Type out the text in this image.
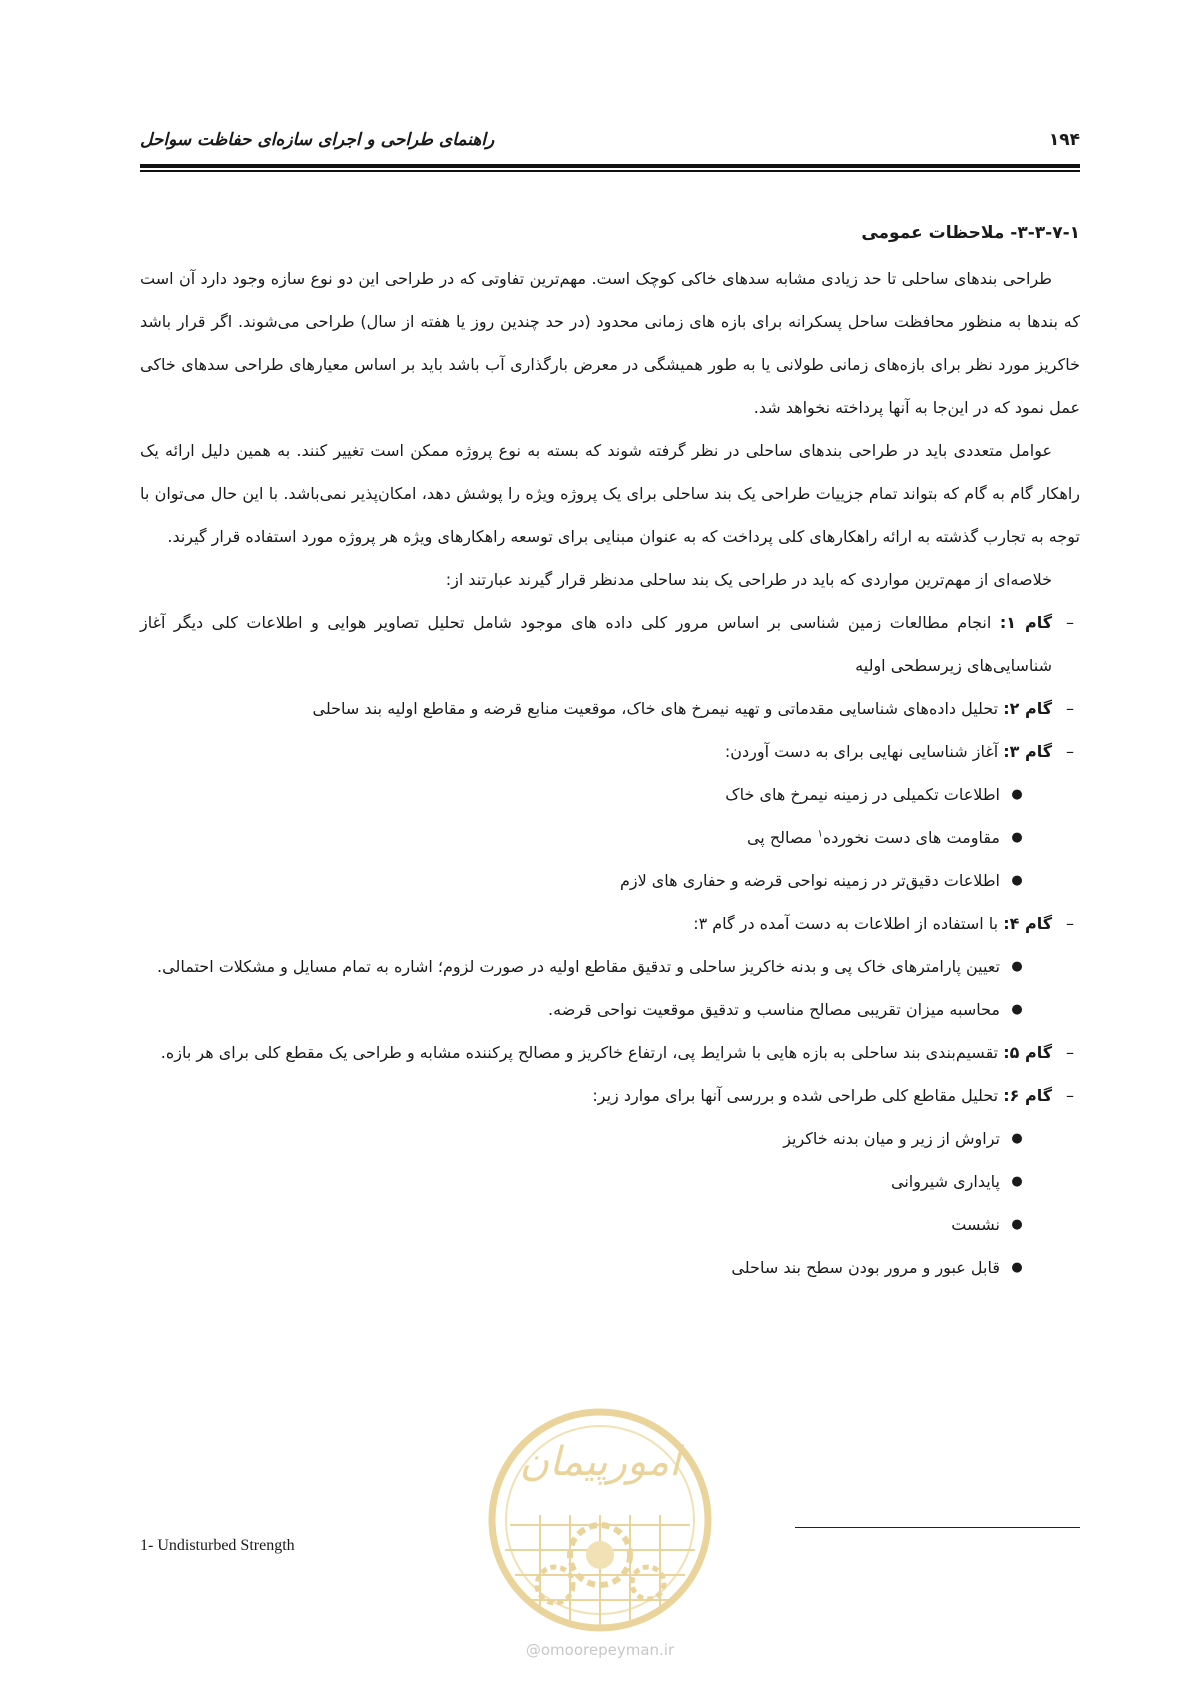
۱۹۴
راهنمای طراحی و اجرای سازه‌ای حفاظت سواحل
۳-۳-۷-۱- ملاحظات عمومی

طراحی بندهای ساحلی تا حد زیادی مشابه سدهای خاکی کوچک است. مهم‌ترین تفاوتی که در طراحی این دو نوع سازه وجود دارد آن است که بندها به منظور محافظت ساحل پسکرانه برای بازه های زمانی محدود (در حد چندین روز یا هفته از سال) طراحی می‌شوند. اگر قرار باشد خاکریز مورد نظر برای بازه‌های زمانی طولانی یا به طور همیشگی در معرض بارگذاری آب باشد باید بر اساس معیارهای طراحی سدهای خاکی عمل نمود که در این‌جا به آنها پرداخته نخواهد شد.

عوامل متعددی باید در طراحی بندهای ساحلی در نظر گرفته شوند که بسته به نوع پروژه ممکن است تغییر کنند. به همین دلیل ارائه یک راهکار گام به گام که بتواند تمام جزییات طراحی یک بند ساحلی برای یک پروژه ویژه را پوشش دهد، امکان‌پذیر نمی‌باشد. با این حال می‌توان با توجه به تجارب گذشته به ارائه راهکارهای کلی پرداخت که به عنوان مبنایی برای توسعه راهکارهای ویژه هر پروژه مورد استفاده قرار گیرند.

خلاصه‌ای از مهم‌ترین مواردی که باید در طراحی یک بند ساحلی مدنظر قرار گیرند عبارتند از:

–
گام ۱: انجام مطالعات زمین شناسی بر اساس مرور کلی داده های موجود شامل تحلیل تصاویر هوایی و اطلاعات کلی دیگر آغاز شناسایی‌های زیرسطحی اولیه
–
گام ۲: تحلیل داده‌های شناسایی مقدماتی و تهیه نیمرخ های خاک، موقعیت منابع قرضه و مقاطع اولیه بند ساحلی
–
گام ۳: آغاز شناسایی نهایی برای به دست آوردن:
●
اطلاعات تکمیلی در زمینه نیمرخ های خاک
●
مقاومت های دست نخورده$^۱$ مصالح پی
●
اطلاعات دقیق‌تر در زمینه نواحی قرضه و حفاری های لازم
–
گام ۴: با استفاده از اطلاعات به دست آمده در گام ۳:
●
تعیین پارامترهای خاک پی و بدنه خاکریز ساحلی و تدقیق مقاطع اولیه در صورت لزوم؛ اشاره به تمام مسایل و مشکلات احتمالی.
●
محاسبه میزان تقریبی مصالح مناسب و تدقیق موقعیت نواحی قرضه.
–
گام ۵: تقسیم‌بندی بند ساحلی به بازه هایی با شرایط پی، ارتفاع خاکریز و مصالح پرکننده مشابه و طراحی یک مقطع کلی برای هر بازه.
–
گام ۶: تحلیل مقاطع کلی طراحی شده و بررسی آنها برای موارد زیر:
●
تراوش از زیر و میان بدنه خاکریز
●
پایداری شیروانی
●
نشست
●
قابل عبور و مرور بودن سطح بند ساحلی
امورپیمان
@omoorepeyman.ir
1- Undisturbed Strength
